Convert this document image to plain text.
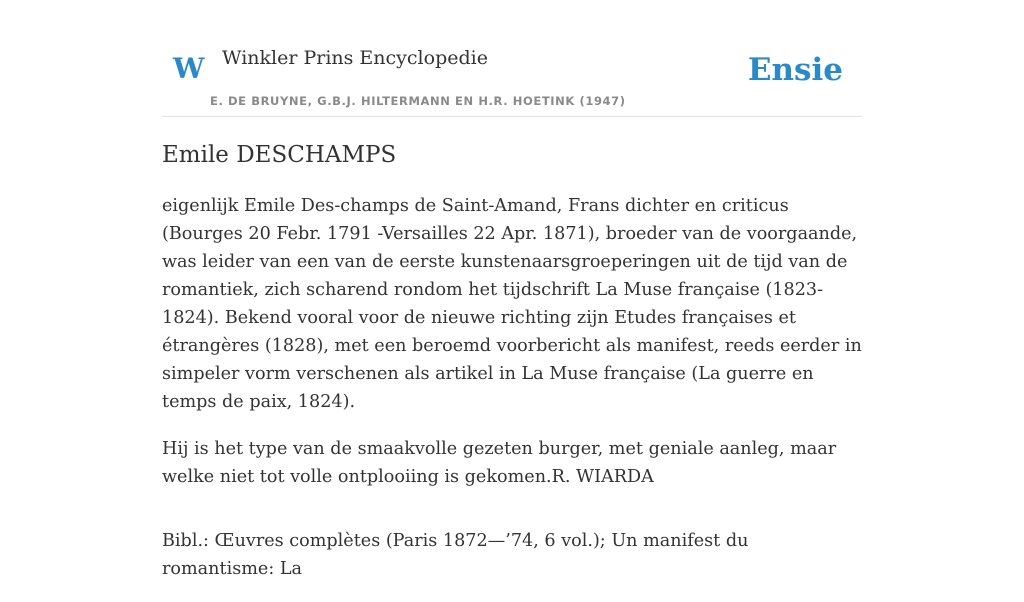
W Winkler Prins Encyclopedie
E. DE BRUYNE, G.B.J. HILTERMANN EN H.R. HOETINK (1947)
Ensie
Emile DESCHAMPS

eigenlijk Emile Des-champs de Saint-Amand, Frans dichter en criticus (Bourges 20 Febr. 1791 -Versailles 22 Apr. 1871), broeder van de voorgaande, was leider van een van de eerste kunstenaarsgroeperingen uit de tijd van de romantiek, zich scharend rondom het tijdschrift La Muse française (1823-1824). Bekend vooral voor de nieuwe richting zijn Etudes françaises et étrangères (1828), met een beroemd voorbericht als manifest, reeds eerder in simpeler vorm verschenen als artikel in La Muse française (La guerre en temps de paix, 1824).

Hij is het type van de smaakvolle gezeten burger, met geniale aanleg, maar welke niet tot volle ontplooiing is gekomen.R. WIARDA

Bibl.: Œuvres complètes (Paris 1872—’74, 6 vol.); Un manifest du romantisme: La
